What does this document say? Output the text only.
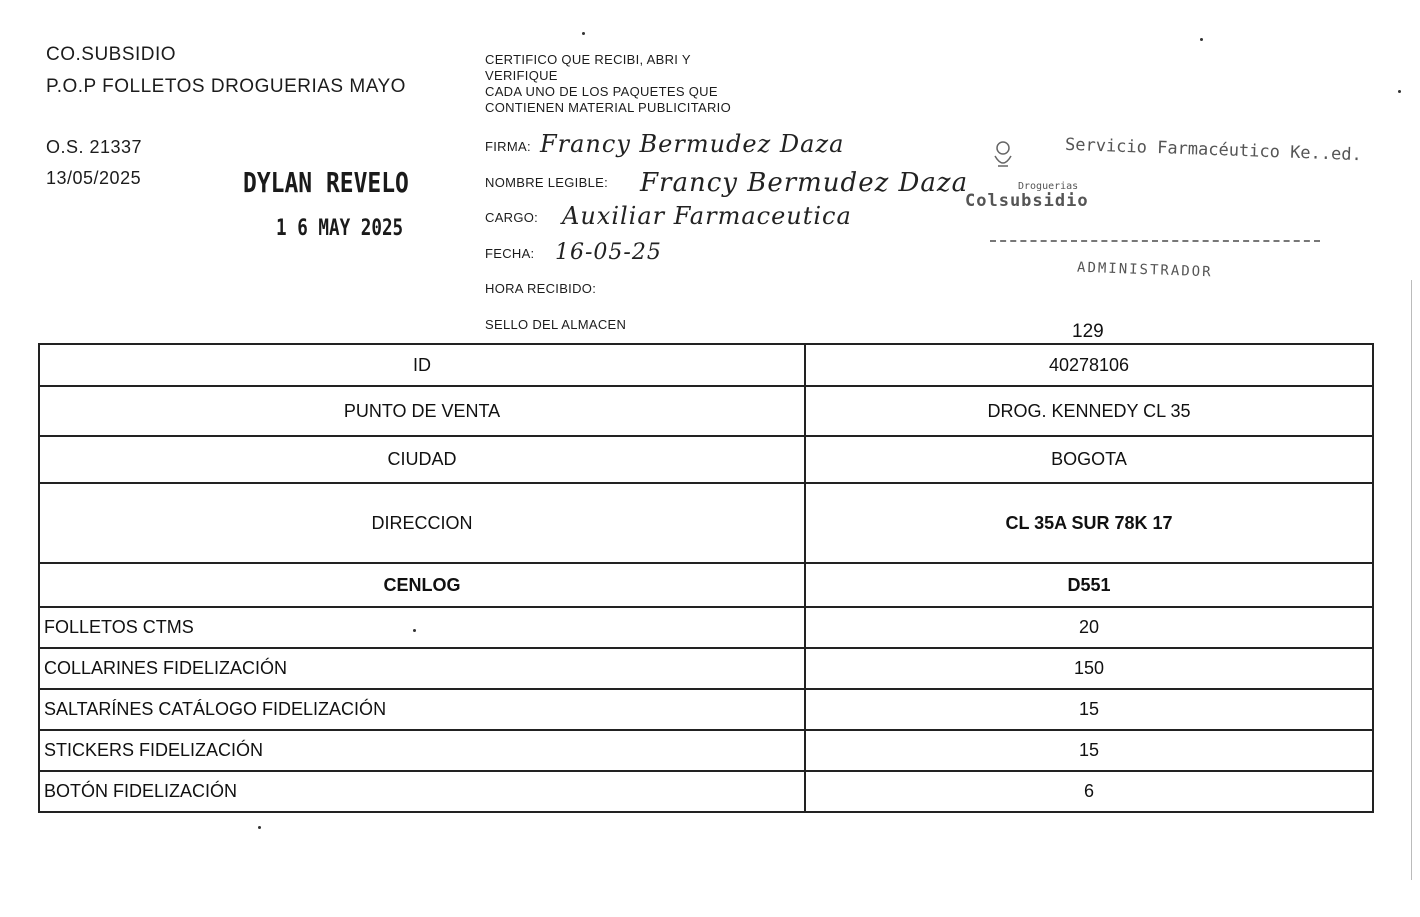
CO.SUBSIDIO
P.O.P FOLLETOS DROGUERIAS MAYO
O.S. 21337
13/05/2025	DYLAN REVELO
1 6 MAY 2025
CERTIFICO QUE RECIBI, ABRI Y
VERIFIQUE
CADA UNO DE LOS PAQUETES QUE
CONTIENEN MATERIAL PUBLICITARIO
FIRMA: Francy Bermudez Daza
NOMBRE LEGIBLE: Francy Bermudez Daza
CARGO: Auxiliar Farmaceutica
FECHA: 16-05-25
HORA RECIBIDO:
SELLO DEL ALMACEN
Servicio Farmacéutico Ke..ed.
Droguerias
Colsubsidio
ADMINISTRADOR
129
ID	40278106
PUNTO DE VENTA	DROG. KENNEDY CL 35
CIUDAD	BOGOTA
DIRECCION	CL 35A SUR 78K 17
CENLOG	D551
FOLLETOS CTMS	20
COLLARINES FIDELIZACIÓN	150
SALTARÍNES CATÁLOGO FIDELIZACIÓN	15
STICKERS FIDELIZACIÓN	15
BOTÓN FIDELIZACIÓN	6
